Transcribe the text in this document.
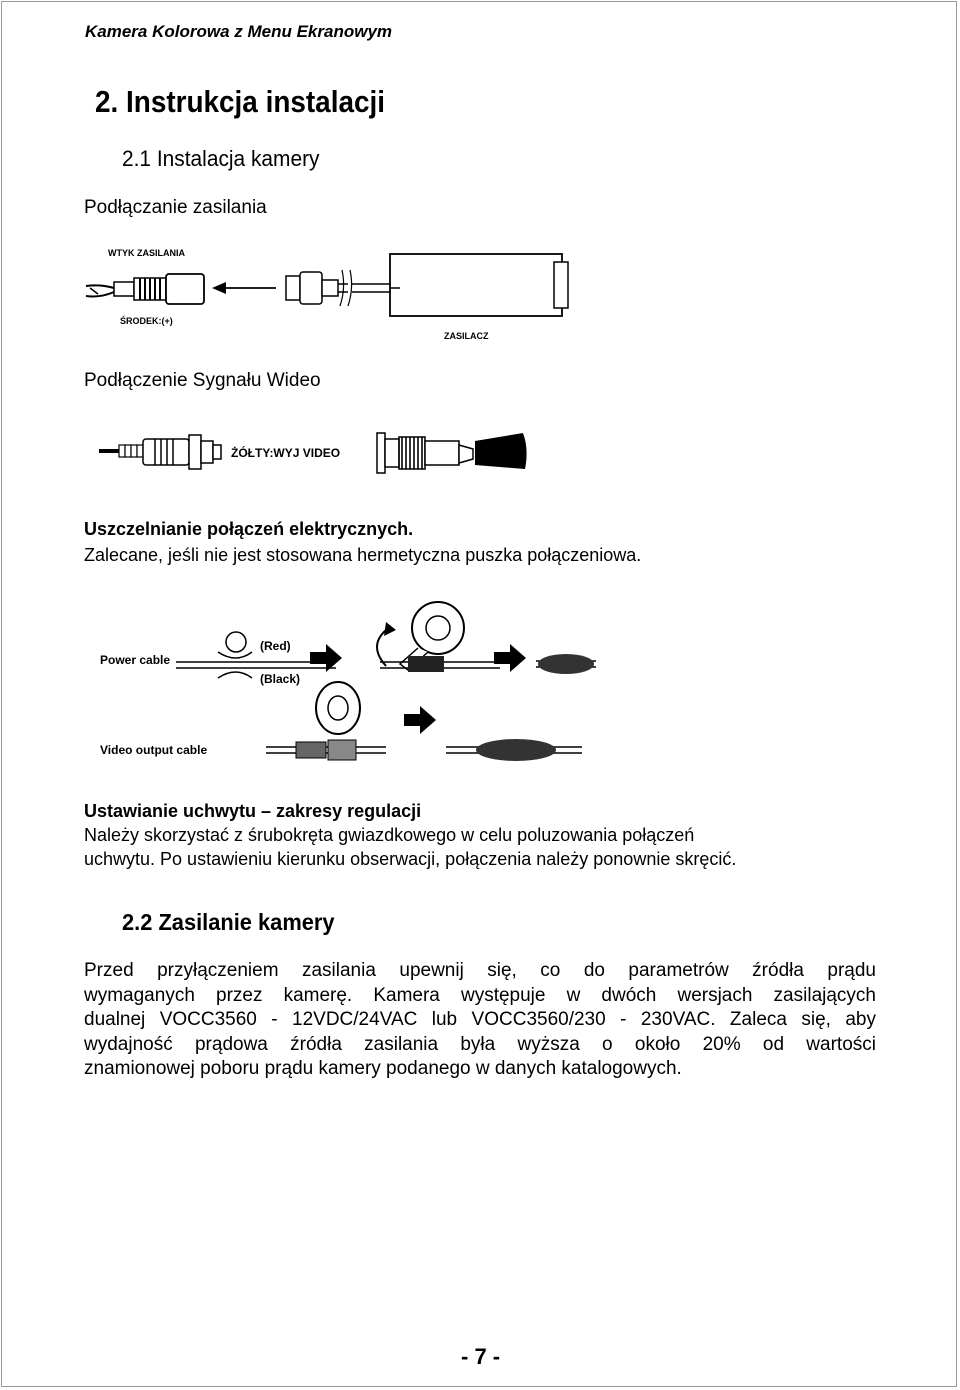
Kamera Kolorowa z Menu Ekranowym
2. Instrukcja instalacji
2.1 Instalacja kamery
Podłączanie zasilania
WTYK ZASILANIA
ŚRODEK:(+)
ZASILACZ
Podłączenie Sygnału Wideo
ŻÓŁTY:WYJ VIDEO
Uszczelnianie połączeń elektrycznych.
Zalecane, jeśli nie jest stosowana hermetyczna puszka połączeniowa.
Power cable
(Red)
(Black)
Video output cable
Ustawianie uchwytu – zakresy regulacji
Należy skorzystać z śrubokręta gwiazdkowego w celu poluzowania połączeń
uchwytu. Po ustawieniu kierunku obserwacji, połączenia należy ponownie skręcić.
2.2 Zasilanie kamery
Przed przyłączeniem zasilania upewnij się, co do parametrów źródła prądu
wymaganych przez kamerę. Kamera występuje w dwóch wersjach zasilających
dualnej VOCC3560 - 12VDC/24VAC lub VOCC3560/230 - 230VAC. Zaleca się, aby
wydajność prądowa źródła zasilania była wyższa o około 20% od wartości
znamionowej poboru prądu kamery podanego w danych katalogowych.
- 7 -
